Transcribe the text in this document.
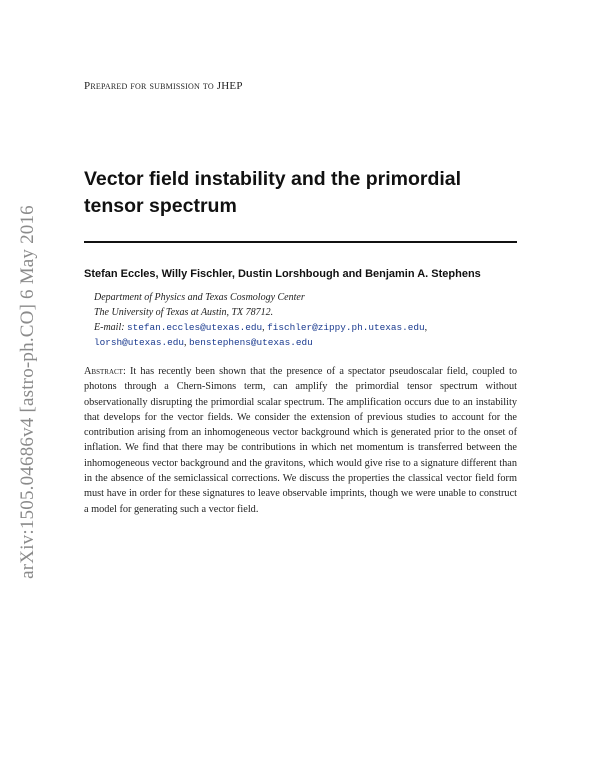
arXiv:1505.04686v4 [astro-ph.CO] 6 May 2016
Prepared for submission to JHEP
Vector field instability and the primordial tensor spectrum
Stefan Eccles, Willy Fischler, Dustin Lorshbough and Benjamin A. Stephens
Department of Physics and Texas Cosmology Center
The University of Texas at Austin, TX 78712.
E-mail: stefan.eccles@utexas.edu, fischler@zippy.ph.utexas.edu,
lorsh@utexas.edu, benstephens@utexas.edu

Abstract: It has recently been shown that the presence of a spectator pseudoscalar field, coupled to photons through a Chern-Simons term, can amplify the primordial tensor spectrum without observationally disrupting the primordial scalar spectrum. The amplification occurs due to an instability that develops for the vector fields. We consider the extension of previous studies to account for the contribution arising from an inhomogeneous vector background which is generated prior to the onset of inflation. We find that there may be contributions in which net momentum is transferred between the inhomogeneous vector background and the gravitons, which would give rise to a signature different than in the absence of the semiclassical corrections. We discuss the properties the classical vector field form must have in order for these signatures to leave observable imprints, though we were unable to construct a model for generating such a vector field.
